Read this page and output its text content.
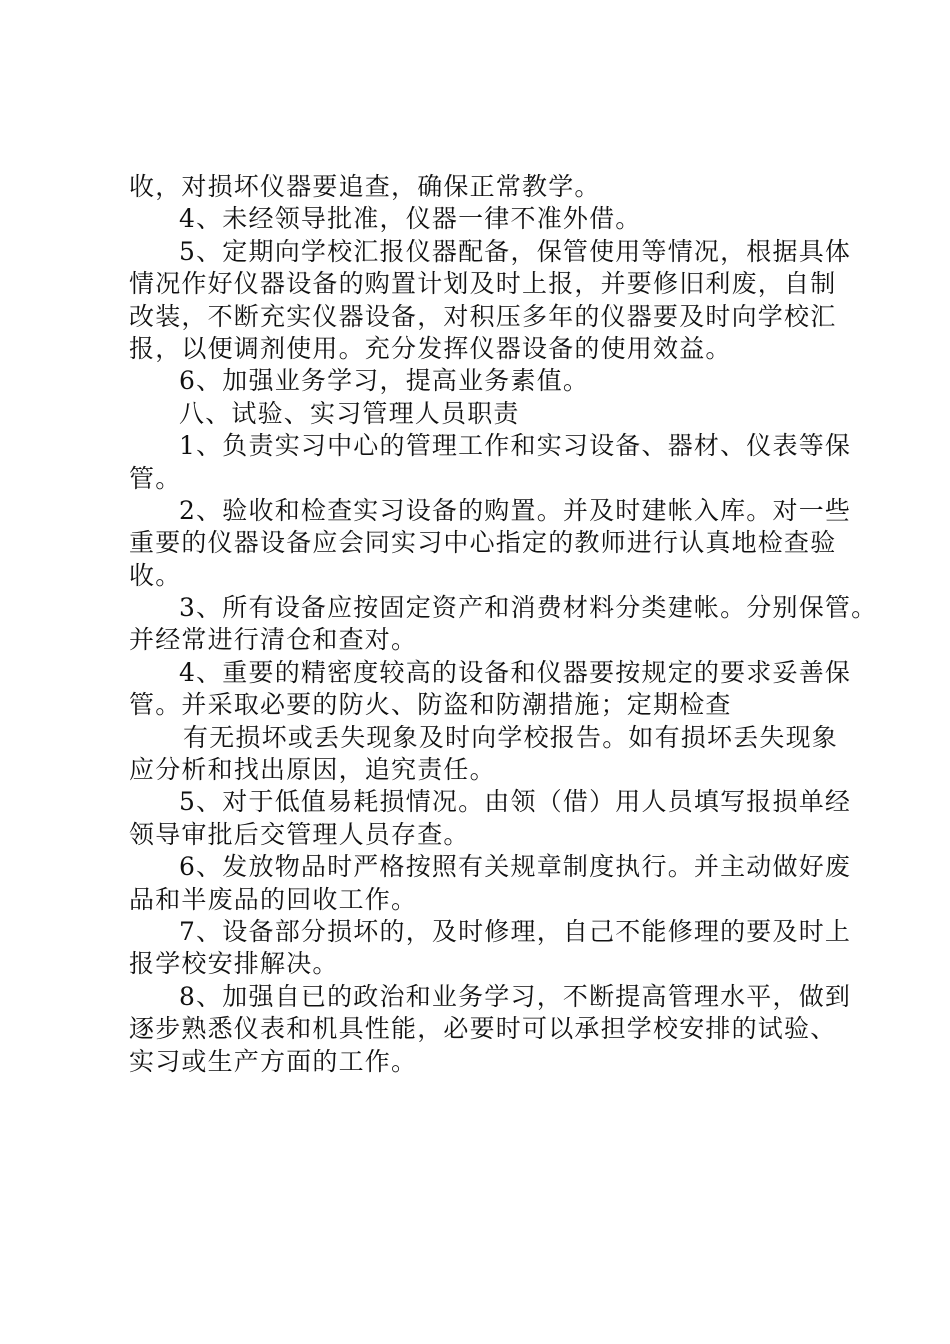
收，对损坏仪器要追查，确保正常教学。
4、未经领导批准，仪器一律不准外借。
5、定期向学校汇报仪器配备，保管使用等情况，根据具体
情况作好仪器设备的购置计划及时上报，并要修旧利废，自制
改装，不断充实仪器设备，对积压多年的仪器要及时向学校汇
报，以便调剂使用。充分发挥仪器设备的使用效益。
6、加强业务学习，提高业务素值。
八、试验、实习管理人员职责
1、负责实习中心的管理工作和实习设备、器材、仪表等保
管。
2、验收和检查实习设备的购置。并及时建帐入库。对一些
重要的仪器设备应会同实习中心指定的教师进行认真地检查验
收。
3、所有设备应按固定资产和消费材料分类建帐。分别保管。
并经常进行清仓和查对。
4、重要的精密度较高的设备和仪器要按规定的要求妥善保
管。并采取必要的防火、防盗和防潮措施；定期检查
有无损坏或丢失现象及时向学校报告。如有损坏丢失现象
应分析和找出原因，追究责任。
5、对于低值易耗损情况。由领（借）用人员填写报损单经
领导审批后交管理人员存查。
6、发放物品时严格按照有关规章制度执行。并主动做好废
品和半废品的回收工作。
7、设备部分损坏的，及时修理，自己不能修理的要及时上
报学校安排解决。
8、加强自已的政治和业务学习，不断提高管理水平，做到
逐步熟悉仪表和机具性能，必要时可以承担学校安排的试验、
实习或生产方面的工作。
